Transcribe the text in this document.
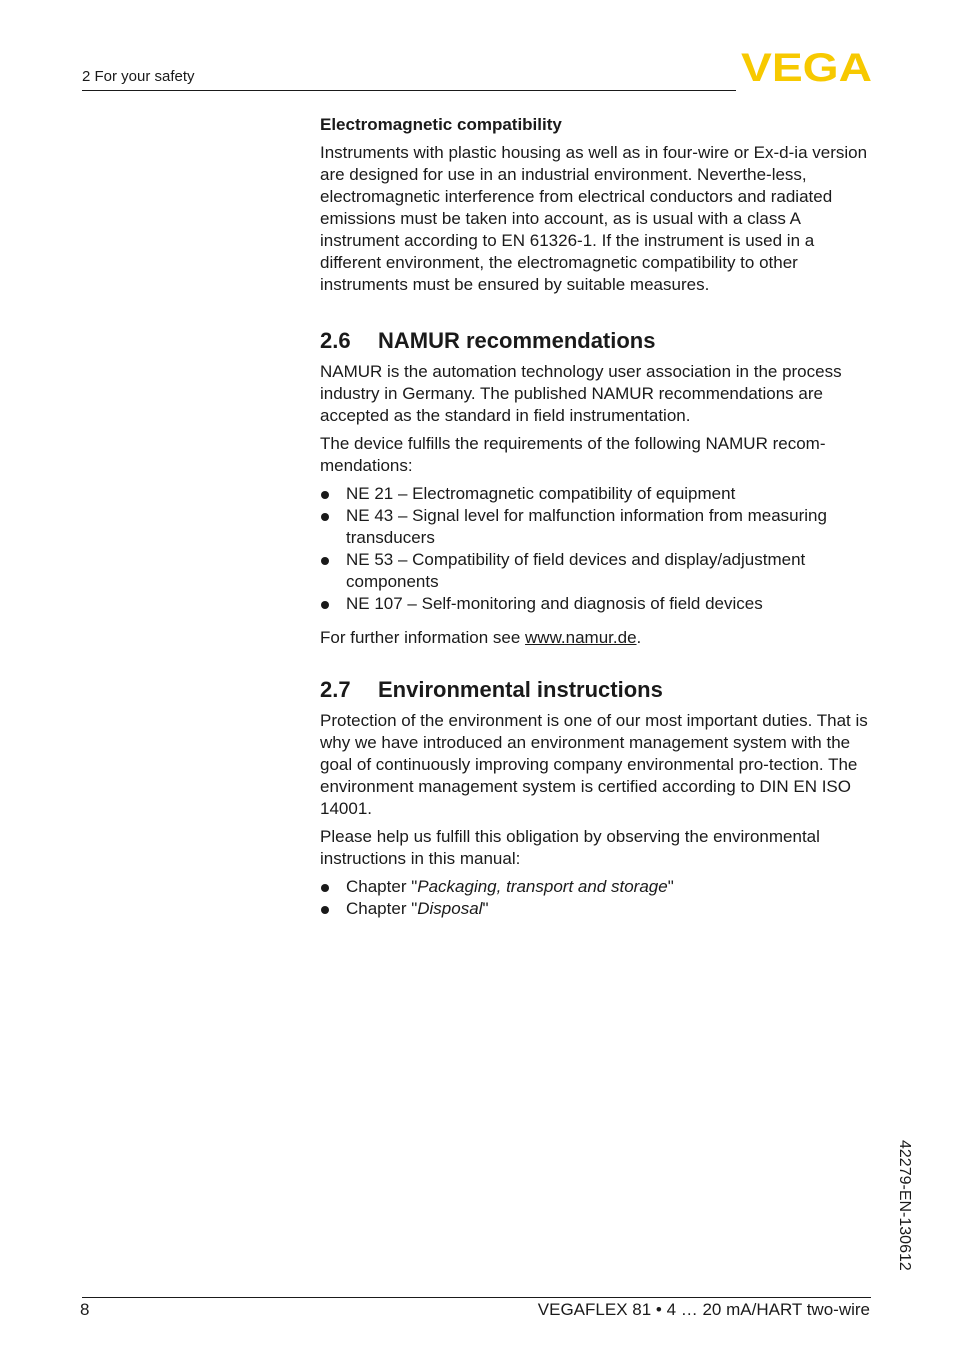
2 For your safety	VEGA

Electromagnetic compatibility

Instruments with plastic housing as well as in four-wire or Ex-d-ia version are designed for use in an industrial environment. Neverthe-less, electromagnetic interference from electrical conductors and radiated emissions must be taken into account, as is usual with a class A instrument according to EN 61326-1. If the instrument is used in a different environment, the electromagnetic compatibility to other instruments must be ensured by suitable measures.

2.6	NAMUR recommendations

NAMUR is the automation technology user association in the process industry in Germany. The published NAMUR recommendations are accepted as the standard in field instrumentation.

The device fulfills the requirements of the following NAMUR recom-mendations:

NE 21 – Electromagnetic compatibility of equipment
NE 43 – Signal level for malfunction information from measuring transducers
NE 53 – Compatibility of field devices and display/adjustment components
NE 107 – Self-monitoring and diagnosis of field devices

For further information see www.namur.de.

2.7	Environmental instructions

Protection of the environment is one of our most important duties. That is why we have introduced an environment management system with the goal of continuously improving company environmental pro-tection. The environment management system is certified according to DIN EN ISO 14001.

Please help us fulfill this obligation by observing the environmental instructions in this manual:

Chapter "Packaging, transport and storage"
Chapter "Disposal"
42279-EN-130612
8	VEGAFLEX 81 • 4 … 20 mA/HART two-wire
